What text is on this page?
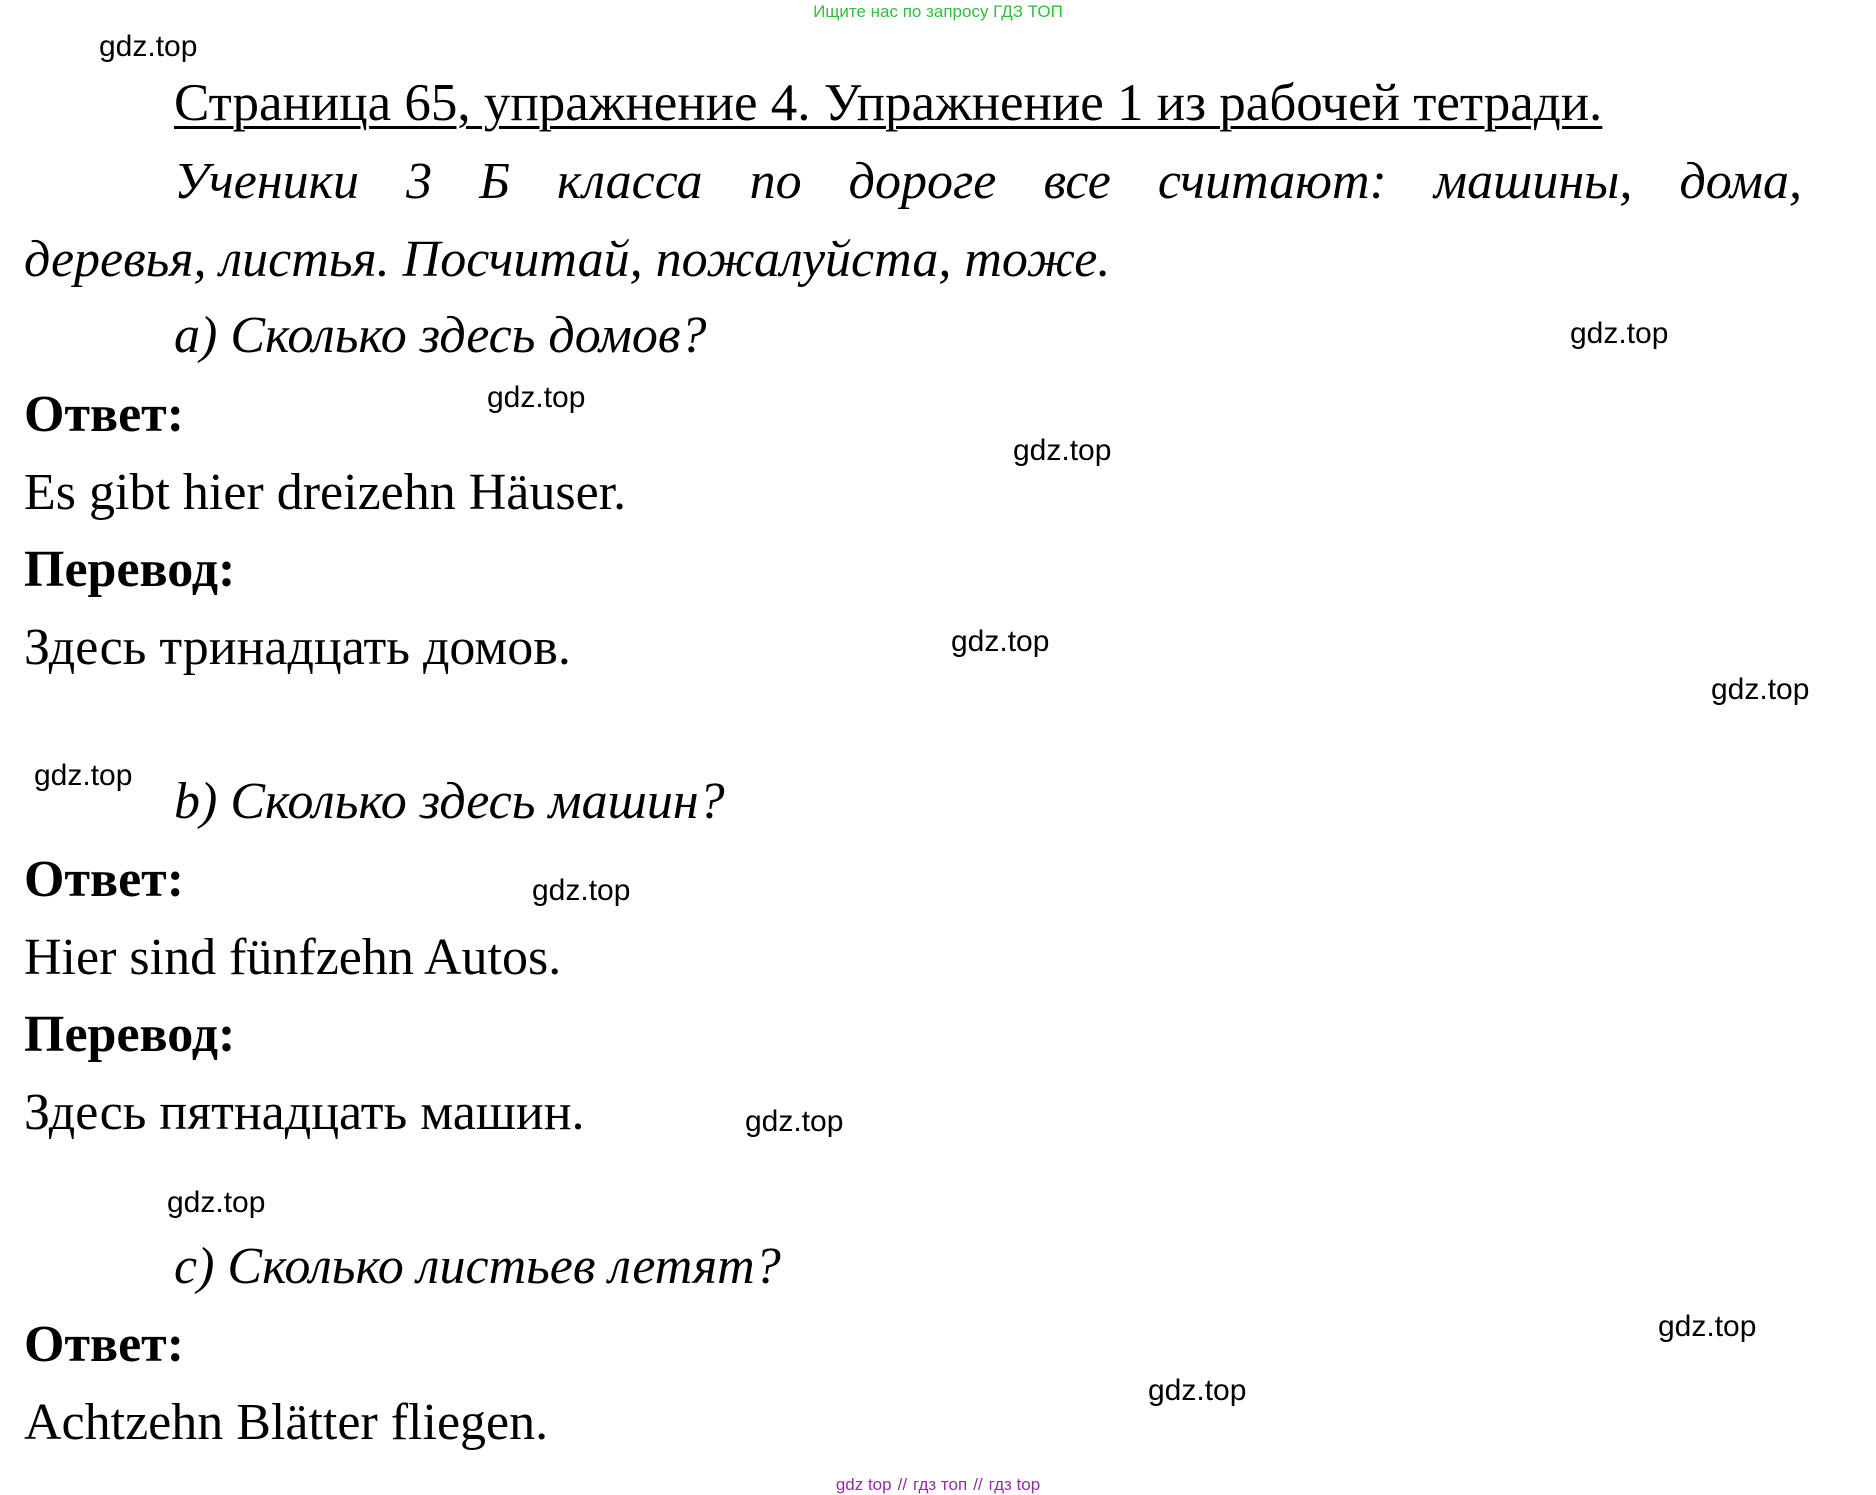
Ищите нас по запросу ГДЗ ТОП
gdz.top
gdz.top
gdz.top
gdz.top
gdz.top
gdz.top
gdz.top
gdz.top
gdz.top
gdz.top
gdz.top
gdz.top
Страница 65, упражнение 4. Упражнение 1 из рабочей тетради.
Ученики 3 Б класса по дороге все считают: машины, дома,
деревья, листья. Посчитай, пожалуйста, тоже.
a) Сколько здесь домов?
Ответ:
Es gibt hier dreizehn Häuser.
Перевод:
Здесь тринадцать домов.
b) Сколько здесь машин?
Ответ:
Hier sind fünfzehn Autos.
Перевод:
Здесь пятнадцать машин.
c) Сколько листьев летят?
Ответ:
Achtzehn Blätter fliegen.
gdz top // гдз топ // гдз top
